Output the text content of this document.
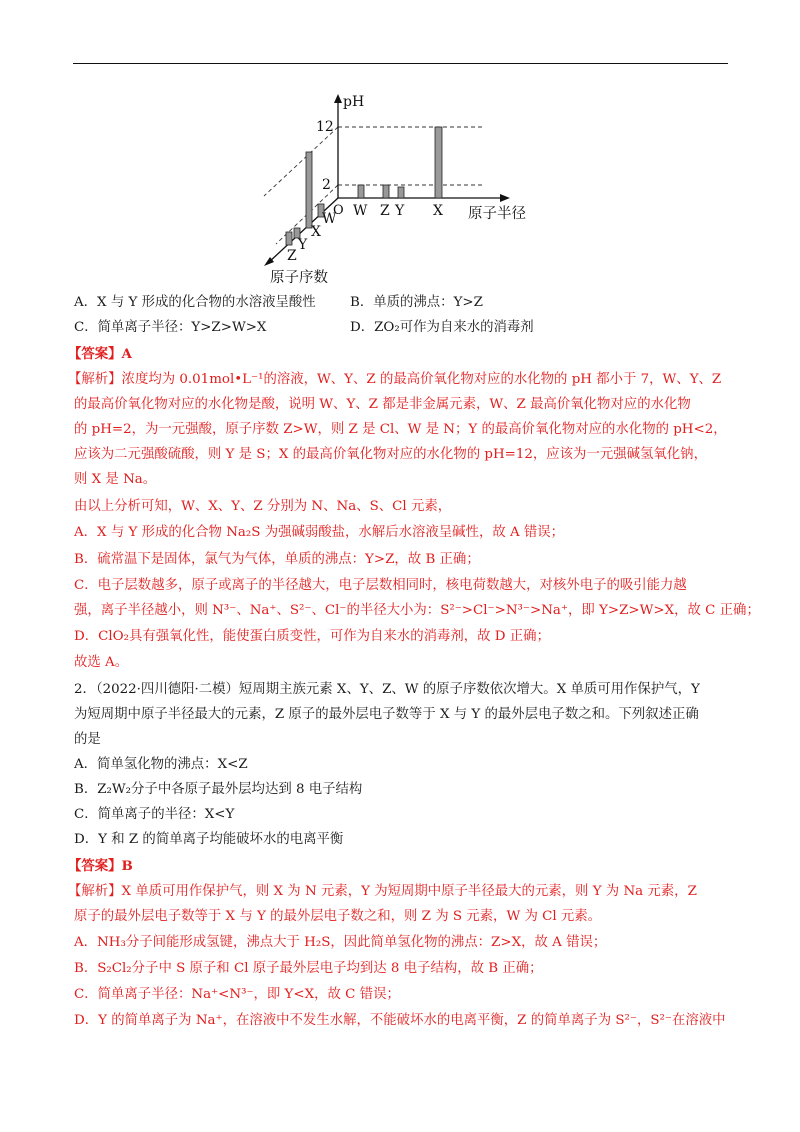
pH
12
2
O W Z Y X 原子半径
W
X
Y
Z
原子序数
A．X 与 Y 形成的化合物的水溶液呈酸性	B．单质的沸点：Y>Z
C．简单离子半径：Y>Z>W>X	D．ZO₂可作为自来水的消毒剂
【答案】A
【解析】浓度均为 0.01mol•L⁻¹的溶液，W、Y、Z 的最高价氧化物对应的水化物的 pH 都小于 7，W、Y、Z
的最高价氧化物对应的水化物是酸，说明 W、Y、Z 都是非金属元素，W、Z 最高价氧化物对应的水化物
的 pH=2，为一元强酸，原子序数 Z>W，则 Z 是 Cl、W 是 N；Y 的最高价氧化物对应的水化物的 pH<2，
应该为二元强酸硫酸，则 Y 是 S；X 的最高价氧化物对应的水化物的 pH=12，应该为一元强碱氢氧化钠，
则 X 是 Na。
由以上分析可知，W、X、Y、Z 分别为 N、Na、S、Cl 元素，
A．X 与 Y 形成的化合物 Na₂S 为强碱弱酸盐，水解后水溶液呈碱性，故 A 错误；
B．硫常温下是固体，氯气为气体，单质的沸点：Y>Z，故 B 正确；
C．电子层数越多，原子或离子的半径越大，电子层数相同时，核电荷数越大，对核外电子的吸引能力越
强，离子半径越小，则 N³⁻、Na⁺、S²⁻、Cl⁻的半径大小为：S²⁻>Cl⁻>N³⁻>Na⁺，即 Y>Z>W>X，故 C 正确；
D．ClO₂具有强氧化性，能使蛋白质变性，可作为自来水的消毒剂，故 D 正确；
故选 A。
2．（2022·四川德阳·二模）短周期主族元素 X、Y、Z、W 的原子序数依次增大。X 单质可用作保护气，Y
为短周期中原子半径最大的元素，Z 原子的最外层电子数等于 X 与 Y 的最外层电子数之和。下列叙述正确
的是
A．简单氢化物的沸点：X<Z
B．Z₂W₂分子中各原子最外层均达到 8 电子结构
C．简单离子的半径：X<Y
D．Y 和 Z 的简单离子均能破坏水的电离平衡
【答案】B
【解析】X 单质可用作保护气，则 X 为 N 元素，Y 为短周期中原子半径最大的元素，则 Y 为 Na 元素，Z
原子的最外层电子数等于 X 与 Y 的最外层电子数之和，则 Z 为 S 元素，W 为 Cl 元素。
A．NH₃分子间能形成氢键，沸点大于 H₂S，因此简单氢化物的沸点：Z>X，故 A 错误；
B．S₂Cl₂分子中 S 原子和 Cl 原子最外层电子均到达 8 电子结构，故 B 正确；
C．简单离子半径：Na⁺<N³⁻，即 Y<X，故 C 错误；
D．Y 的简单离子为 Na⁺，在溶液中不发生水解，不能破坏水的电离平衡，Z 的简单离子为 S²⁻，S²⁻在溶液中
